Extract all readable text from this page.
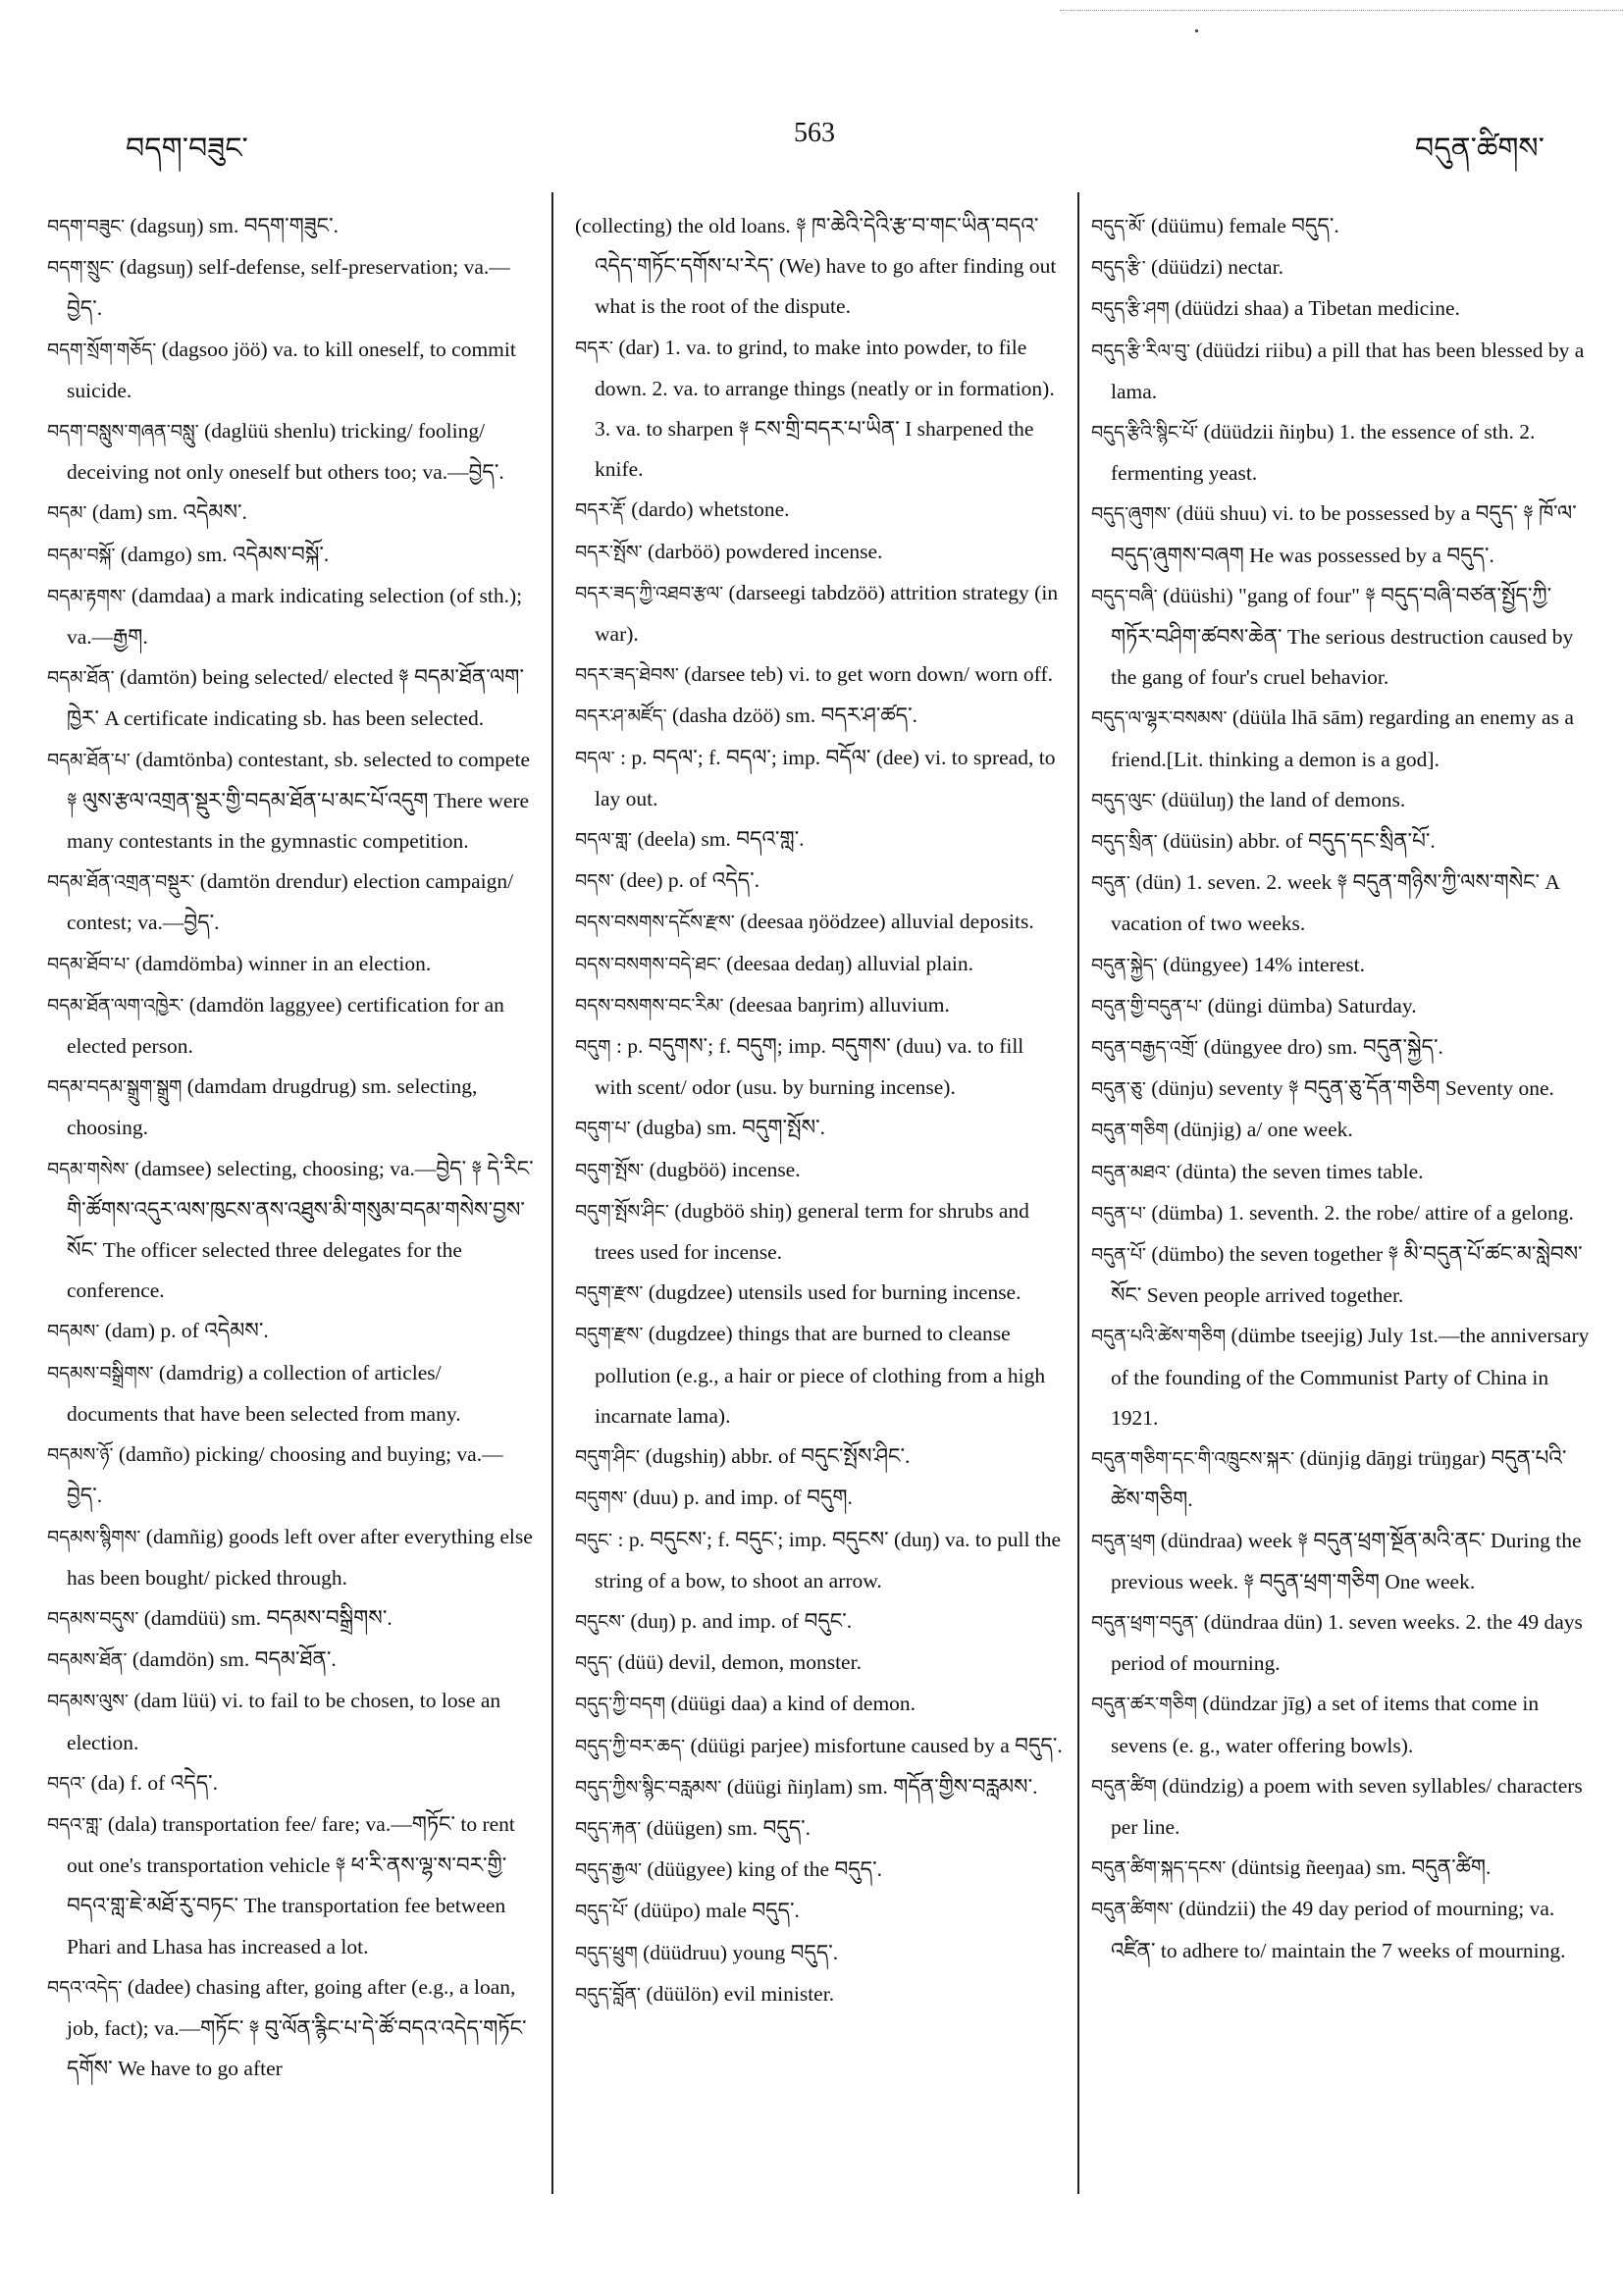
བདག་བཟུང་	563	བདུན་ཚིགས་

བདག་བཟུང་ (dagsuŋ) sm. བདག་གཟུང་.

བདག་སྲུང་ (dagsuŋ) self-defense, self-preservation; va.—བྱེད་.

བདག་སྲོག་གཅོད་ (dagsoo jöö) va. to kill oneself, to commit suicide.

བདག་བསླུས་གཞན་བསླུ་ (daglüü shenlu) tricking/ fooling/ deceiving not only oneself but others too; va.—བྱེད་.

བདམ་ (dam) sm. འདེམས་.

བདམ་བསྐོ་ (damgo) sm. འདེམས་བསྐོ་.

བདམ་རྟགས་ (damdaa) a mark indicating selection (of sth.); va.—རྒྱག.

བདམ་ཐོན་ (damtön) being selected/ elected ༈ བདམ་ཐོན་ལག་ཁྱེར་ A certificate indicating sb. has been selected.

བདམ་ཐོན་པ་ (damtönba) contestant, sb. selected to compete ༈ ལུས་རྩལ་འགྲན་སྡུར་གྱི་བདམ་ཐོན་པ་མང་པོ་འདུག There were many contestants in the gymnastic competition.

བདམ་ཐོན་འགྲན་བསྡུར་ (damtön drendur) election campaign/ contest; va.—བྱེད་.

བདམ་ཐོབ་པ་ (damdömba) winner in an election.

བདམ་ཐོན་ལག་འཁྱེར་ (damdön laggyee) certification for an elected person.

བདམ་བདམ་སྒྲུག་སྒྲུག (damdam drugdrug) sm. selecting, choosing.

བདམ་གསེས་ (damsee) selecting, choosing; va.—བྱེད་ ༈ དེ་རིང་གི་ཚོགས་འདུར་ལས་ཁུངས་ནས་འཐུས་མི་གསུམ་བདམ་གསེས་བྱས་སོང་ The officer selected three delegates for the conference.

བདམས་ (dam) p. of འདེམས་.

བདམས་བསྒྲིགས་ (damdrig) a collection of articles/ documents that have been selected from many.

བདམས་ཉོ་ (damño) picking/ choosing and buying; va.—བྱེད་.

བདམས་སྙིགས་ (damñig) goods left over after everything else has been bought/ picked through.

བདམས་བདུས་ (damdüü) sm. བདམས་བསྒྲིགས་.

བདམས་ཐོན་ (damdön) sm. བདམ་ཐོན་.

བདམས་ལུས་ (dam lüü) vi. to fail to be chosen, to lose an election.

བདའ་ (da) f. of འདེད་.

བདའ་གླ་ (dala) transportation fee/ fare; va.—གཏོང་ to rent out one's transportation vehicle ༈ ཕ་རི་ནས་ལྷ་ས་བར་གྱི་བདའ་གླ་ཇེ་མཐོ་རུ་བཏང་ The transportation fee between Phari and Lhasa has increased a lot.

བདའ་འདེད་ (dadee) chasing after, going after (e.g., a loan, job, fact); va.—གཏོང་ ༈ བུ་ལོན་རྙིང་པ་དེ་ཚོ་བདའ་འདེད་གཏོང་དགོས་ We have to go after

(collecting) the old loans. ༈ ཁ་ཆེའི་དེའི་རྩ་བ་གང་ཡིན་བདའ་འདེད་གཏོང་དགོས་པ་རེད་ (We) have to go after finding out what is the root of the dispute.

བདར་ (dar) 1. va. to grind, to make into powder, to file down. 2. va. to arrange things (neatly or in formation). 3. va. to sharpen ༈ ངས་གྲི་བདར་པ་ཡིན་ I sharpened the knife.

བདར་རྡོ་ (dardo) whetstone.

བདར་སྤོས་ (darböö) powdered incense.

བདར་ཟད་ཀྱི་འཐབ་རྩལ་ (darseegi tabdzöö) attrition strategy (in war).

བདར་ཟད་ཐེབས་ (darsee teb) vi. to get worn down/ worn off.

བདར་ཤ་མཛོད་ (dasha dzöö) sm. བདར་ཤ་ཚད་.

བདལ་ : p. བདལ་; f. བདལ་; imp. བདོལ་ (dee) vi. to spread, to lay out.

བདལ་གླ་ (deela) sm. བདའ་གླ་.

བདས་ (dee) p. of འདེད་.

བདས་བསགས་དངོས་རྫས་ (deesaa ŋöödzee) alluvial deposits.

བདས་བསགས་བདེ་ཐང་ (deesaa dedaŋ) alluvial plain.

བདས་བསགས་བང་རིམ་ (deesaa baŋrim) alluvium.

བདུག : p. བདུགས་; f. བདུག; imp. བདུགས་ (duu) va. to fill with scent/ odor (usu. by burning incense).

བདུག་པ་ (dugba) sm. བདུག་སྤོས་.

བདུག་སྤོས་ (dugböö) incense.

བདུག་སྤོས་ཤིང་ (dugböö shiŋ) general term for shrubs and trees used for incense.

བདུག་རྫས་ (dugdzee) utensils used for burning incense.

བདུག་རྫས་ (dugdzee) things that are burned to cleanse pollution (e.g., a hair or piece of clothing from a high incarnate lama).

བདུག་ཤིང་ (dugshiŋ) abbr. of བདུང་སྤོས་ཤིང་.

བདུགས་ (duu) p. and imp. of བདུག.

བདུང་ : p. བདུངས་; f. བདུང་; imp. བདུངས་ (duŋ) va. to pull the string of a bow, to shoot an arrow.

བདུངས་ (duŋ) p. and imp. of བདུང་.

བདུད་ (düü) devil, demon, monster.

བདུད་ཀྱི་བདག (düügi daa) a kind of demon.

བདུད་ཀྱི་བར་ཆད་ (düügi parjee) misfortune caused by a བདུད་.

བདུད་ཀྱིས་སྙིང་བརླམས་ (düügi ñiŋlam) sm. གདོན་གྱིས་བརླམས་.

བདུད་རྐན་ (düügen) sm. བདུད་.

བདུད་རྒྱལ་ (düügyee) king of the བདུད་.

བདུད་པོ་ (düüpo) male བདུད་.

བདུད་ཕྲུག (düüdruu) young བདུད་.

བདུད་བློན་ (düülön) evil minister.

བདུད་མོ་ (düümu) female བདུད་.

བདུད་རྩི་ (düüdzi) nectar.

བདུད་རྩི་ཤག (düüdzi shaa) a Tibetan medicine.

བདུད་རྩི་རིལ་བུ་ (düüdzi riibu) a pill that has been blessed by a lama.

བདུད་རྩིའི་སྙིང་པོ་ (düüdzii ñiŋbu) 1. the essence of sth. 2. fermenting yeast.

བདུད་ཞུགས་ (düü shuu) vi. to be possessed by a བདུད་ ༈ ཁོ་ལ་བདུད་ཞུགས་བཞག He was possessed by a བདུད་.

བདུད་བཞི་ (düüshi) "gang of four" ༈ བདུད་བཞི་བཙན་སྤྱོད་ཀྱི་གཏོར་བཤིག་ཚབས་ཆེན་ The serious destruction caused by the gang of four's cruel behavior.

བདུད་ལ་ལྷར་བསམས་ (düüla lhā sām) regarding an enemy as a friend.[Lit. thinking a demon is a god].

བདུད་ལུང་ (düüluŋ) the land of demons.

བདུད་སྲིན་ (düüsin) abbr. of བདུད་དང་སྲིན་པོ་.

བདུན་ (dün) 1. seven. 2. week ༈ བདུན་གཉིས་ཀྱི་ལས་གསེང་ A vacation of two weeks.

བདུན་སྐྱེད་ (düngyee) 14% interest.

བདུན་གྱི་བདུན་པ་ (düngi dümba) Saturday.

བདུན་བརྒྱད་འགྲོ་ (düngyee dro) sm. བདུན་སྐྱེད་.

བདུན་ཅུ་ (dünju) seventy ༈ བདུན་ཅུ་དོན་གཅིག Seventy one.

བདུན་གཅིག (dünjig) a/ one week.

བདུན་མཐའ་ (dünta) the seven times table.

བདུན་པ་ (dümba) 1. seventh. 2. the robe/ attire of a gelong.

བདུན་པོ་ (dümbo) the seven together ༈ མི་བདུན་པོ་ཚང་མ་སླེབས་སོང་ Seven people arrived together.

བདུན་པའི་ཚེས་གཅིག (dümbe tseejig) July 1st.—the anniversary of the founding of the Communist Party of China in 1921.

བདུན་གཅིག་དང་གི་འཁྲུངས་སྐར་ (dünjig dāŋgi trüŋgar) བདུན་པའི་ཚེས་གཅིག.

བདུན་ཕྲག (dündraa) week ༈ བདུན་ཕྲག་སྔོན་མའི་ནང་ During the previous week. ༈ བདུན་ཕྲག་གཅིག One week.

བདུན་ཕྲག་བདུན་ (dündraa dün) 1. seven weeks. 2. the 49 days period of mourning.

བདུན་ཚར་གཅིག (dündzar jīg) a set of items that come in sevens (e. g., water offering bowls).

བདུན་ཚིག (dündzig) a poem with seven syllables/ characters per line.

བདུན་ཚིག་སྐད་དངས་ (düntsig ñeeŋaa) sm. བདུན་ཚིག.

བདུན་ཚིགས་ (dündzii) the 49 day period of mourning; va. འཛིན་ to adhere to/ maintain the 7 weeks of mourning.
